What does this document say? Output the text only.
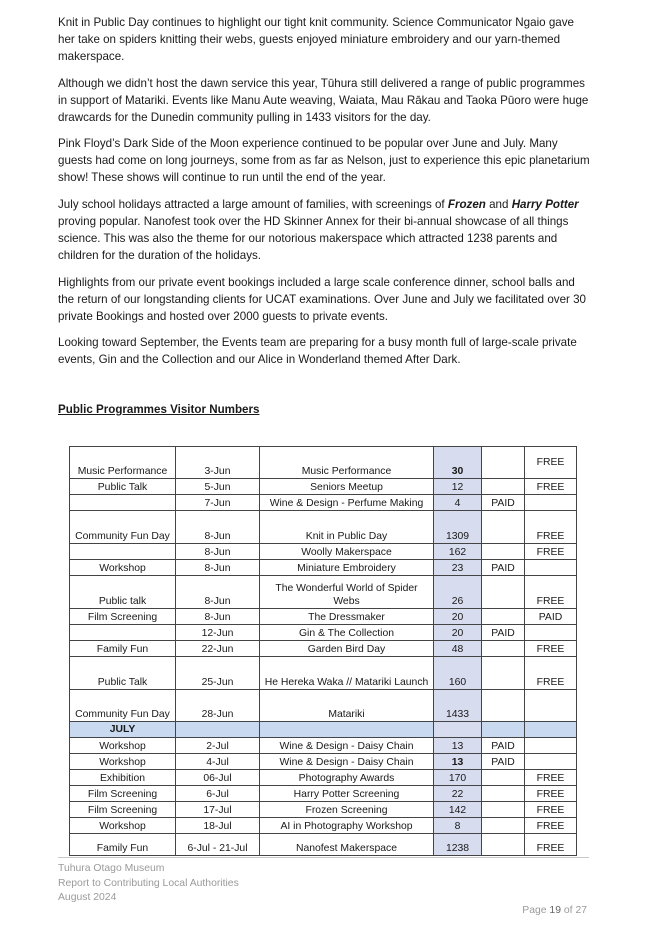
Knit in Public Day continues to highlight our tight knit community. Science Communicator Ngaio gave her take on spiders knitting their webs, guests enjoyed miniature embroidery and our yarn-themed makerspace.

Although we didn’t host the dawn service this year, Tūhura still delivered a range of public programmes in support of Matariki. Events like Manu Aute weaving, Waiata, Mau Rākau and Taoka Pūoro were huge drawcards for the Dunedin community pulling in 1433 visitors for the day.

Pink Floyd’s Dark Side of the Moon experience continued to be popular over June and July. Many guests had come on long journeys, some from as far as Nelson, just to experience this epic planetarium show! These shows will continue to run until the end of the year.

July school holidays attracted a large amount of families, with screenings of Frozen and Harry Potter proving popular. Nanofest took over the HD Skinner Annex for their bi-annual showcase of all things science. This was also the theme for our notorious makerspace which attracted 1238 parents and children for the duration of the holidays.

Highlights from our private event bookings included a large scale conference dinner, school balls and the return of our longstanding clients for UCAT examinations. Over June and July we facilitated over 30 private Bookings and hosted over 2000 guests to private events.

Looking toward September, the Events team are preparing for a busy month full of large-scale private events, Gin and the Collection and our Alice in Wonderland themed After Dark.

Public Programmes Visitor Numbers

Music Performance	3-Jun	Music Performance	30		FREE
Public Talk	5-Jun	Seniors Meetup	12		FREE
	7-Jun	Wine & Design - Perfume Making	4	PAID	
Community Fun Day	8-Jun	Knit in Public Day	1309		FREE
	8-Jun	Woolly Makerspace	162		FREE
Workshop	8-Jun	Miniature Embroidery	23	PAID	
Public talk	8-Jun	The Wonderful World of Spider Webs	26		FREE
Film Screening	8-Jun	The Dressmaker	20		PAID
	12-Jun	Gin & The Collection	20	PAID	
Family Fun	22-Jun	Garden Bird Day	48		FREE
Public Talk	25-Jun	He Hereka Waka // Matariki Launch	160		FREE
Community Fun Day	28-Jun	Matariki	1433		
JULY					
Workshop	2-Jul	Wine & Design - Daisy Chain	13	PAID	
Workshop	4-Jul	Wine & Design - Daisy Chain	13	PAID	
Exhibition	06-Jul	Photography Awards	170		FREE
Film Screening	6-Jul	Harry Potter Screening	22		FREE
Film Screening	17-Jul	Frozen Screening	142		FREE
Workshop	18-Jul	AI in Photography Workshop	8		FREE
Family Fun	6-Jul - 21-Jul	Nanofest Makerspace	1238		FREE
Tuhura Otago Museum
Report to Contributing Local Authorities
August 2024
Page 19 of 27
